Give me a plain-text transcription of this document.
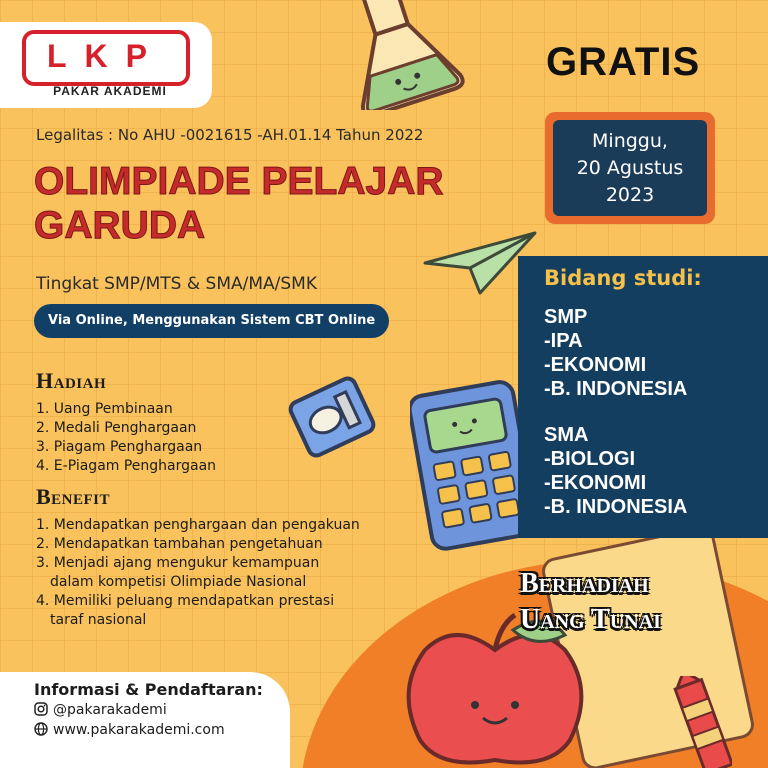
LKP
PAKAR AKADEMI
Legalitas : No AHU -0021615 -AH.01.14 Tahun 2022
OLIMPIADE PELAJAR
GARUDA
Tingkat SMP/MTS & SMA/MA/SMK
Via Online, Menggunakan Sistem CBT Online
Hadiah
1. Uang Pembinaan
2. Medali Penghargaan
3. Piagam Penghargaan
4. E-Piagam Penghargaan
Benefit
1. Mendapatkan penghargaan dan pengakuan
2. Mendapatkan tambahan pengetahuan
3. Menjadi ajang mengukur kemampuan
dalam kompetisi Olimpiade Nasional
4. Memiliki peluang mendapatkan prestasi
taraf nasional
GRATIS
Minggu,
20 Agustus
2023
Bidang studi:
SMP
-IPA
-EKONOMI
-B. INDONESIA
SMA
-BIOLOGI
-EKONOMI
-B. INDONESIA
Berhadiah
Uang Tunai
Informasi & Pendaftaran:
@pakarakademi
www.pakarakademi.com
